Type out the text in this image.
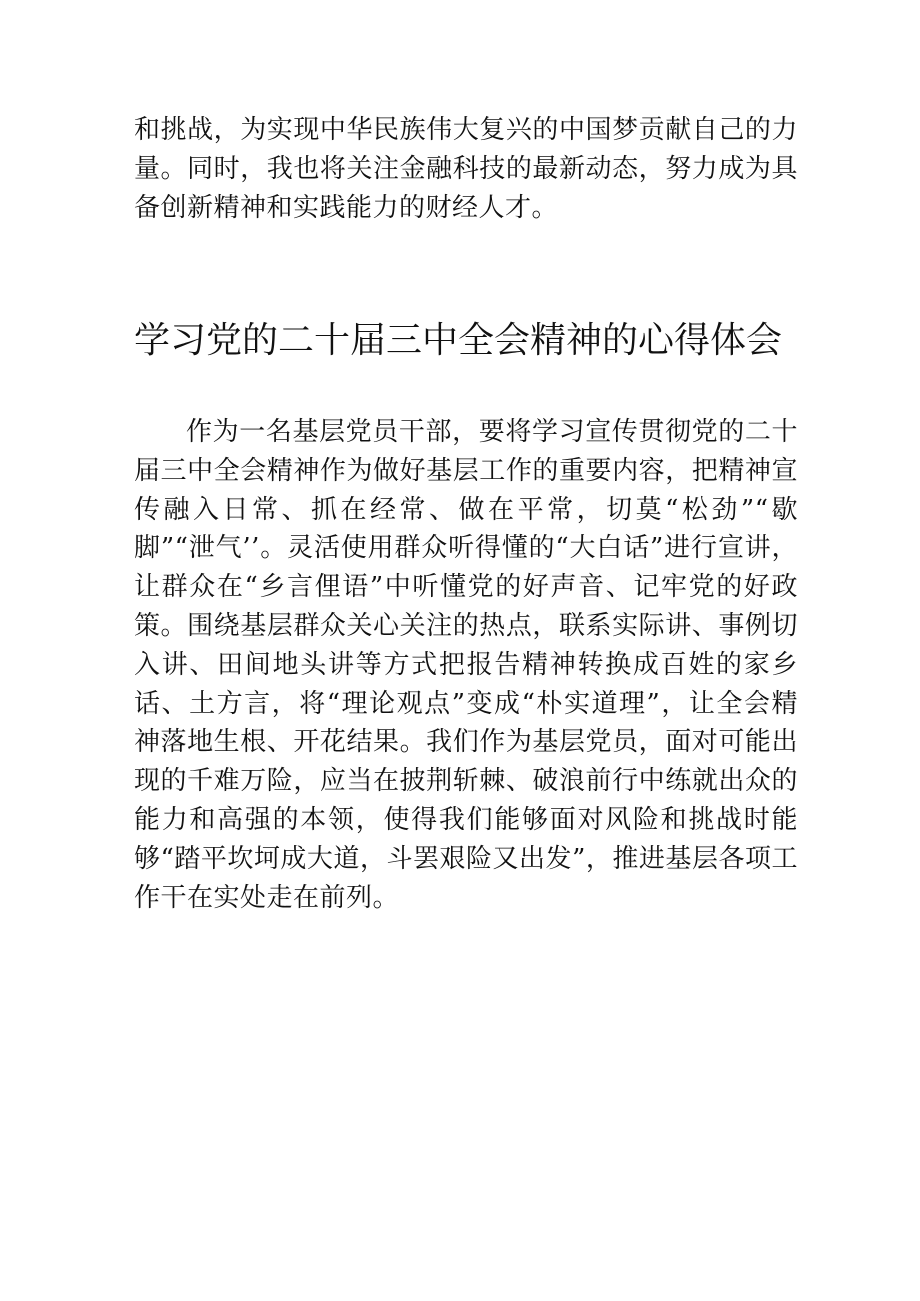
和挑战，为实现中华民族伟大复兴的中国梦贡献自己的力量。同时，我也将关注金融科技的最新动态，努力成为具备创新精神和实践能力的财经人才。

学习党的二十届三中全会精神的心得体会

作为一名基层党员干部，要将学习宣传贯彻党的二十届三中全会精神作为做好基层工作的重要内容，把精神宣传融入日常、抓在经常、做在平常，切莫“松劲”“歇脚”“泄气’’。灵活使用群众听得懂的“大白话”进行宣讲，让群众在“乡言俚语”中听懂党的好声音、记牢党的好政策。围绕基层群众关心关注的热点，联系实际讲、事例切入讲、田间地头讲等方式把报告精神转换成百姓的家乡话、土方言，将“理论观点”变成“朴实道理”，让全会精神落地生根、开花结果。我们作为基层党员，面对可能出现的千难万险，应当在披荆斩棘、破浪前行中练就出众的能力和高强的本领，使得我们能够面对风险和挑战时能够“踏平坎坷成大道，斗罢艰险又出发”，推进基层各项工作干在实处走在前列。
